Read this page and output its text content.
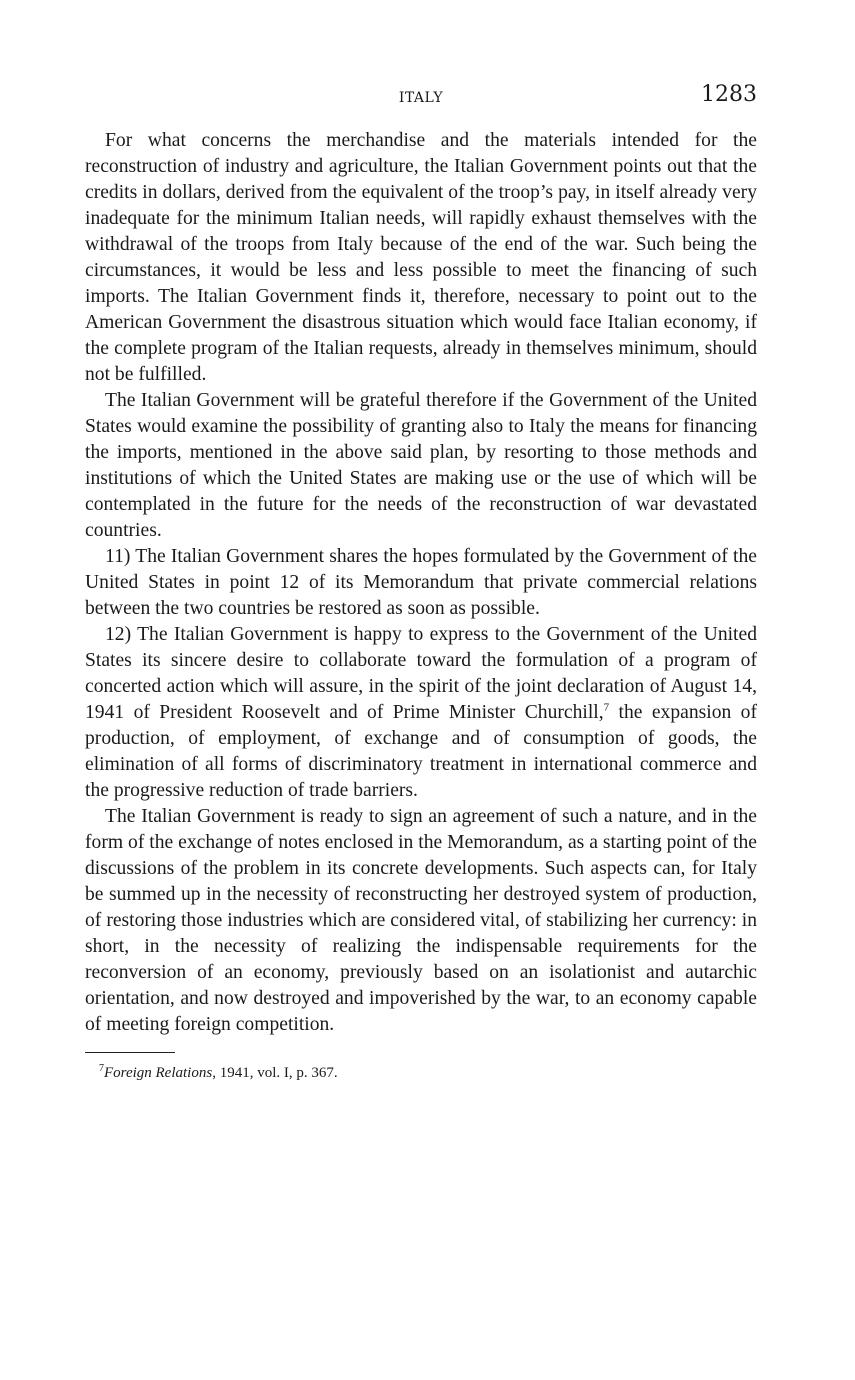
ITALY	1283

For what concerns the merchandise and the materials intended for the reconstruction of industry and agriculture, the Italian Government points out that the credits in dollars, derived from the equivalent of the troop’s pay, in itself already very inadequate for the minimum Italian needs, will rapidly exhaust themselves with the withdrawal of the troops from Italy because of the end of the war. Such being the circumstances, it would be less and less possible to meet the financing of such imports. The Italian Government finds it, therefore, necessary to point out to the American Government the disastrous situation which would face Italian economy, if the complete program of the Italian requests, already in themselves minimum, should not be fulfilled.

The Italian Government will be grateful therefore if the Government of the United States would examine the possibility of granting also to Italy the means for financing the imports, mentioned in the above said plan, by resorting to those methods and institutions of which the United States are making use or the use of which will be contemplated in the future for the needs of the reconstruction of war devastated countries.

11) The Italian Government shares the hopes formulated by the Government of the United States in point 12 of its Memorandum that private commercial relations between the two countries be restored as soon as possible.

12) The Italian Government is happy to express to the Government of the United States its sincere desire to collaborate toward the formulation of a program of concerted action which will assure, in the spirit of the joint declaration of August 14, 1941 of President Roosevelt and of Prime Minister Churchill,$^7$ the expansion of production, of employment, of exchange and of consumption of goods, the elimination of all forms of discriminatory treatment in international commerce and the progressive reduction of trade barriers.

The Italian Government is ready to sign an agreement of such a nature, and in the form of the exchange of notes enclosed in the Memorandum, as a starting point of the discussions of the problem in its concrete developments. Such aspects can, for Italy be summed up in the necessity of reconstructing her destroyed system of production, of restoring those industries which are considered vital, of stabilizing her currency: in short, in the necessity of realizing the indispensable requirements for the reconversion of an economy, previously based on an isolationist and autarchic orientation, and now destroyed and impoverished by the war, to an economy capable of meeting foreign competition.

$^7$Foreign Relations, 1941, vol. I, p. 367.
